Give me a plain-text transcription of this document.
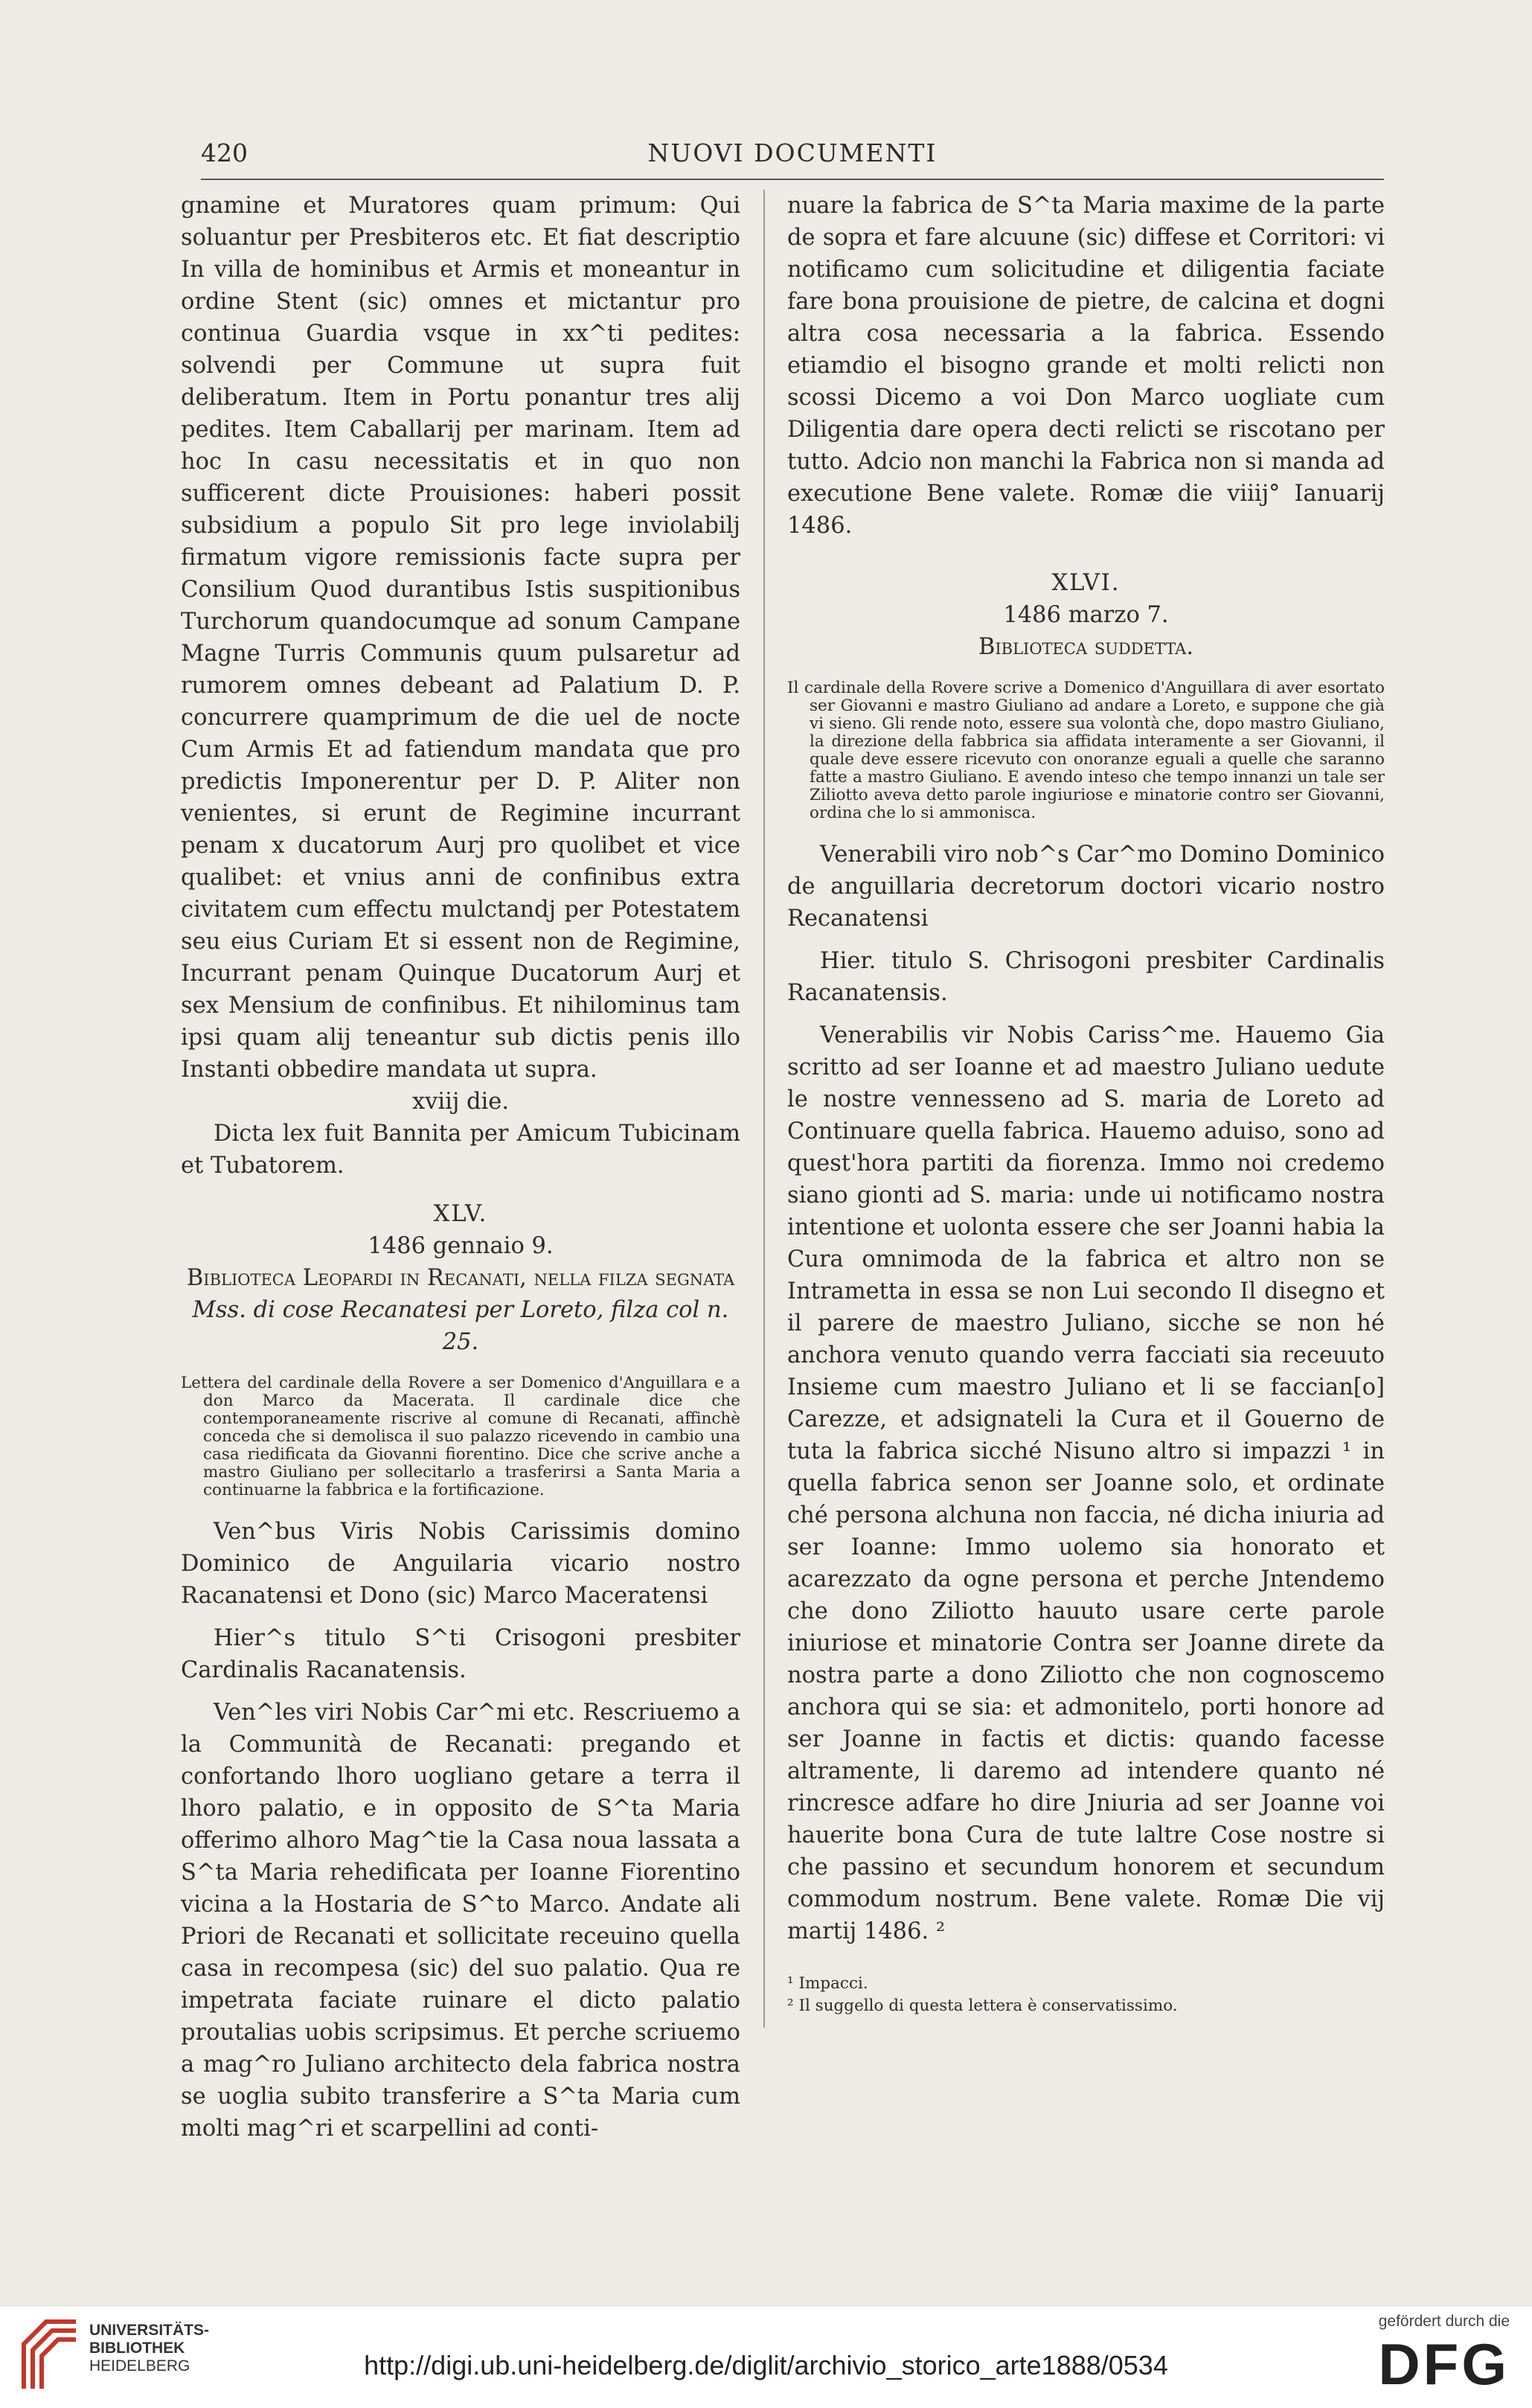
420	NUOVI DOCUMENTI

gnamine et Muratores quam primum: Qui soluantur per Presbiteros etc. Et fiat descriptio In villa de hominibus et Armis et moneantur in ordine Stent (sic) omnes et mictantur pro continua Guardia vsque in xx^ti pedites: solvendi per Commune ut supra fuit deliberatum. Item in Portu ponantur tres alij pedites. Item Caballarij per marinam. Item ad hoc In casu necessitatis et in quo non sufficerent dicte Prouisiones: haberi possit subsidium a populo Sit pro lege inviolabilj firmatum vigore remissionis facte supra per Consilium Quod durantibus Istis suspitionibus Turchorum quandocumque ad sonum Campane Magne Turris Communis quum pulsaretur ad rumorem omnes debeant ad Palatium D. P. concurrere quamprimum de die uel de nocte Cum Armis Et ad fatiendum mandata que pro predictis Imponerentur per D. P. Aliter non venientes, si erunt de Regimine incurrant penam x ducatorum Aurj pro quolibet et vice qualibet: et vnius anni de confinibus extra civitatem cum effectu mulctandj per Potestatem seu eius Curiam Et si essent non de Regimine, Incurrant penam Quinque Ducatorum Aurj et sex Mensium de confinibus. Et nihilominus tam ipsi quam alij teneantur sub dictis penis illo Instanti obbedire mandata ut supra.

xviij die.

Dicta lex fuit Bannita per Amicum Tubicinam et Tubatorem.

XLV.

1486 gennaio 9.

Biblioteca Leopardi in Recanati, nella filza segnata

Mss. di cose Recanatesi per Loreto, filza col n. 25.

Lettera del cardinale della Rovere a ser Domenico d'Anguillara e a don Marco da Macerata. Il cardinale dice che contemporaneamente riscrive al comune di Recanati, affinchè conceda che si demolisca il suo palazzo ricevendo in cambio una casa riedificata da Giovanni fiorentino. Dice che scrive anche a mastro Giuliano per sollecitarlo a trasferirsi a Santa Maria a continuarne la fabbrica e la fortificazione.

Ven^bus Viris Nobis Carissimis domino Dominico de Anguilaria vicario nostro Racanatensi et Dono (sic) Marco Maceratensi

Hier^s titulo S^ti Crisogoni presbiter Cardinalis Racanatensis.

Ven^les viri Nobis Car^mi etc. Rescriuemo a la Communità de Recanati: pregando et confortando lhoro uogliano getare a terra il lhoro palatio, e in opposito de S^ta Maria offerimo alhoro Mag^tie la Casa noua lassata a S^ta Maria rehedificata per Ioanne Fiorentino vicina a la Hostaria de S^to Marco. Andate ali Priori de Recanati et sollicitate receuino quella casa in recompesa (sic) del suo palatio. Qua re impetrata faciate ruinare el dicto palatio proutalias uobis scripsimus. Et perche scriuemo a mag^ro Juliano architecto dela fabrica nostra se uoglia subito transferire a S^ta Maria cum molti mag^ri et scarpellini ad conti-

nuare la fabrica de S^ta Maria maxime de la parte de sopra et fare alcuune (sic) diffese et Corritori: vi notificamo cum solicitudine et diligentia faciate fare bona prouisione de pietre, de calcina et dogni altra cosa necessaria a la fabrica. Essendo etiamdio el bisogno grande et molti relicti non scossi Dicemo a voi Don Marco uogliate cum Diligentia dare opera decti relicti se riscotano per tutto. Adcio non manchi la Fabrica non si manda ad executione Bene valete. Romæ die viiij° Ianuarij 1486.

XLVI.

1486 marzo 7.

Biblioteca suddetta.

Il cardinale della Rovere scrive a Domenico d'Anguillara di aver esortato ser Giovanni e mastro Giuliano ad andare a Loreto, e suppone che già vi sieno. Gli rende noto, essere sua volontà che, dopo mastro Giuliano, la direzione della fabbrica sia affidata interamente a ser Giovanni, il quale deve essere ricevuto con onoranze eguali a quelle che saranno fatte a mastro Giuliano. E avendo inteso che tempo innanzi un tale ser Ziliotto aveva detto parole ingiuriose e minatorie contro ser Giovanni, ordina che lo si ammonisca.

Venerabili viro nob^s Car^mo Domino Dominico de anguillaria decretorum doctori vicario nostro Recanatensi

Hier. titulo S. Chrisogoni presbiter Cardinalis Racanatensis.

Venerabilis vir Nobis Cariss^me. Hauemo Gia scritto ad ser Ioanne et ad maestro Juliano uedute le nostre vennesseno ad S. maria de Loreto ad Continuare quella fabrica. Hauemo aduiso, sono ad quest'hora partiti da fiorenza. Immo noi credemo siano gionti ad S. maria: unde ui notificamo nostra intentione et uolonta essere che ser Joanni habia la Cura omnimoda de la fabrica et altro non se Intrametta in essa se non Lui secondo Il disegno et il parere de maestro Juliano, sicche se non hé anchora venuto quando verra facciati sia receuuto Insieme cum maestro Juliano et li se faccian[o] Carezze, et adsignateli la Cura et il Gouerno de tuta la fabrica sicché Nisuno altro si impazzi ¹ in quella fabrica senon ser Joanne solo, et ordinate ché persona alchuna non faccia, né dicha iniuria ad ser Ioanne: Immo uolemo sia honorato et acarezzato da ogne persona et perche Jntendemo che dono Ziliotto hauuto usare certe parole iniuriose et minatorie Contra ser Joanne direte da nostra parte a dono Ziliotto che non cognoscemo anchora qui se sia: et admonitelo, porti honore ad ser Joanne in factis et dictis: quando facesse altramente, li daremo ad intendere quanto né rincresce adfare ho dire Jniuria ad ser Joanne voi hauerite bona Cura de tute laltre Cose nostre si che passino et secundum honorem et secundum commodum nostrum. Bene valete. Romæ Die vij martij 1486. ²

¹ Impacci.

² Il suggello di questa lettera è conservatissimo.

UNIVERSITÄTS-
BIBLIOTHEK
HEIDELBERG	http://digi.ub.uni-heidelberg.de/diglit/archivio_storico_arte1888/0534
gefördert durch die
DFG
